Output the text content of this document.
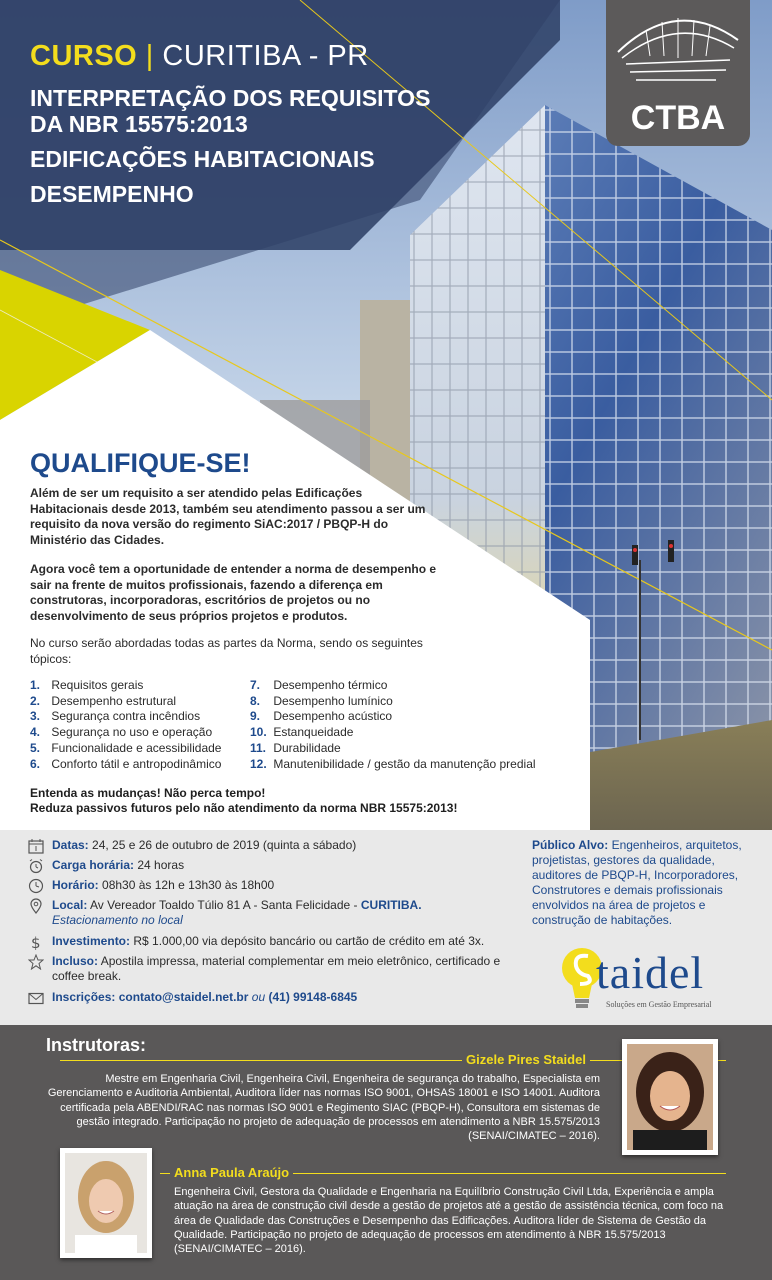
CURSO | CURITIBA - PR
INTERPRETAÇÃO DOS REQUISITOS
DA NBR 15575:2013
EDIFICAÇÕES HABITACIONAIS
DESEMPENHO
CTBA
QUALIFIQUE-SE!

Além de ser um requisito a ser atendido pelas Edificações Habitacionais desde 2013, também seu atendimento passou a ser um requisito da nova versão do regimento SiAC:2017 / PBQP-H do Ministério das Cidades.

Agora você tem a oportunidade de entender a norma de desempenho e sair na frente de muitos profissionais, fazendo a diferença em construtoras, incorporadoras, escritórios de projetos ou no desenvolvimento de seus próprios projetos e produtos.

No curso serão abordadas todas as partes da Norma, sendo os seguintes tópicos:

1. Requisitos gerais
2. Desempenho estrutural
3. Segurança contra incêndios
4. Segurança no uso e operação
5. Funcionalidade e acessibilidade
6. Conforto tátil e antropodinâmico
7. Desempenho térmico
8. Desempenho lumínico
9. Desempenho acústico
10. Estanqueidade
11. Durabilidade
12. Manutenibilidade / gestão da manutenção predial
Entenda as mudanças! Não perca tempo!
Reduza passivos futuros pelo não atendimento da norma NBR 15575:2013!
Datas: 24, 25 e 26 de outubro de 2019 (quinta a sábado)
Carga horária: 24 horas
Horário: 08h30 às 12h e 13h30 às 18h00
Local: Av Vereador Toaldo Túlio 81 A - Santa Felicidade - CURITIBA.
Estacionamento no local
$ Investimento: R$ 1.000,00 via depósito bancário ou cartão de crédito em até 3x.
Incluso: Apostila impressa, material complementar em meio eletrônico, certificado e coffee break.
Inscrições: contato@staidel.net.br ou (41) 99148-6845
Público Alvo: Engenheiros, arquitetos, projetistas, gestores da qualidade, auditores de PBQP-H, Incorporadores, Construtores e demais profissionais envolvidos na área de projetos e construção de habitações.
taidel
Soluções em Gestão Empresarial
Instrutoras:
Gizele Pires Staidel
Mestre em Engenharia Civil, Engenheira Civil, Engenheira de segurança do trabalho, Especialista em Gerenciamento e Auditoria Ambiental, Auditora líder nas normas ISO 9001, OHSAS 18001 e ISO 14001. Auditora certificada pela ABENDI/RAC nas normas ISO 9001 e Regimento SIAC (PBQP-H), Consultora em sistemas de gestão integrado. Participação no projeto de adequação de processos em atendimento a NBR 15.575/2013 (SENAI/CIMATEC – 2016).
Anna Paula Araújo
Engenheira Civil, Gestora da Qualidade e Engenharia na Equilíbrio Construção Civil Ltda, Experiência e ampla atuação na área de construção civil desde a gestão de projetos até a gestão de assistência técnica, com foco na área de Qualidade das Construções e Desempenho das Edificações. Auditora líder de Sistema de Gestão da Qualidade. Participação no projeto de adequação de processos em atendimento à NBR 15.575/2013 (SENAI/CIMATEC – 2016).
